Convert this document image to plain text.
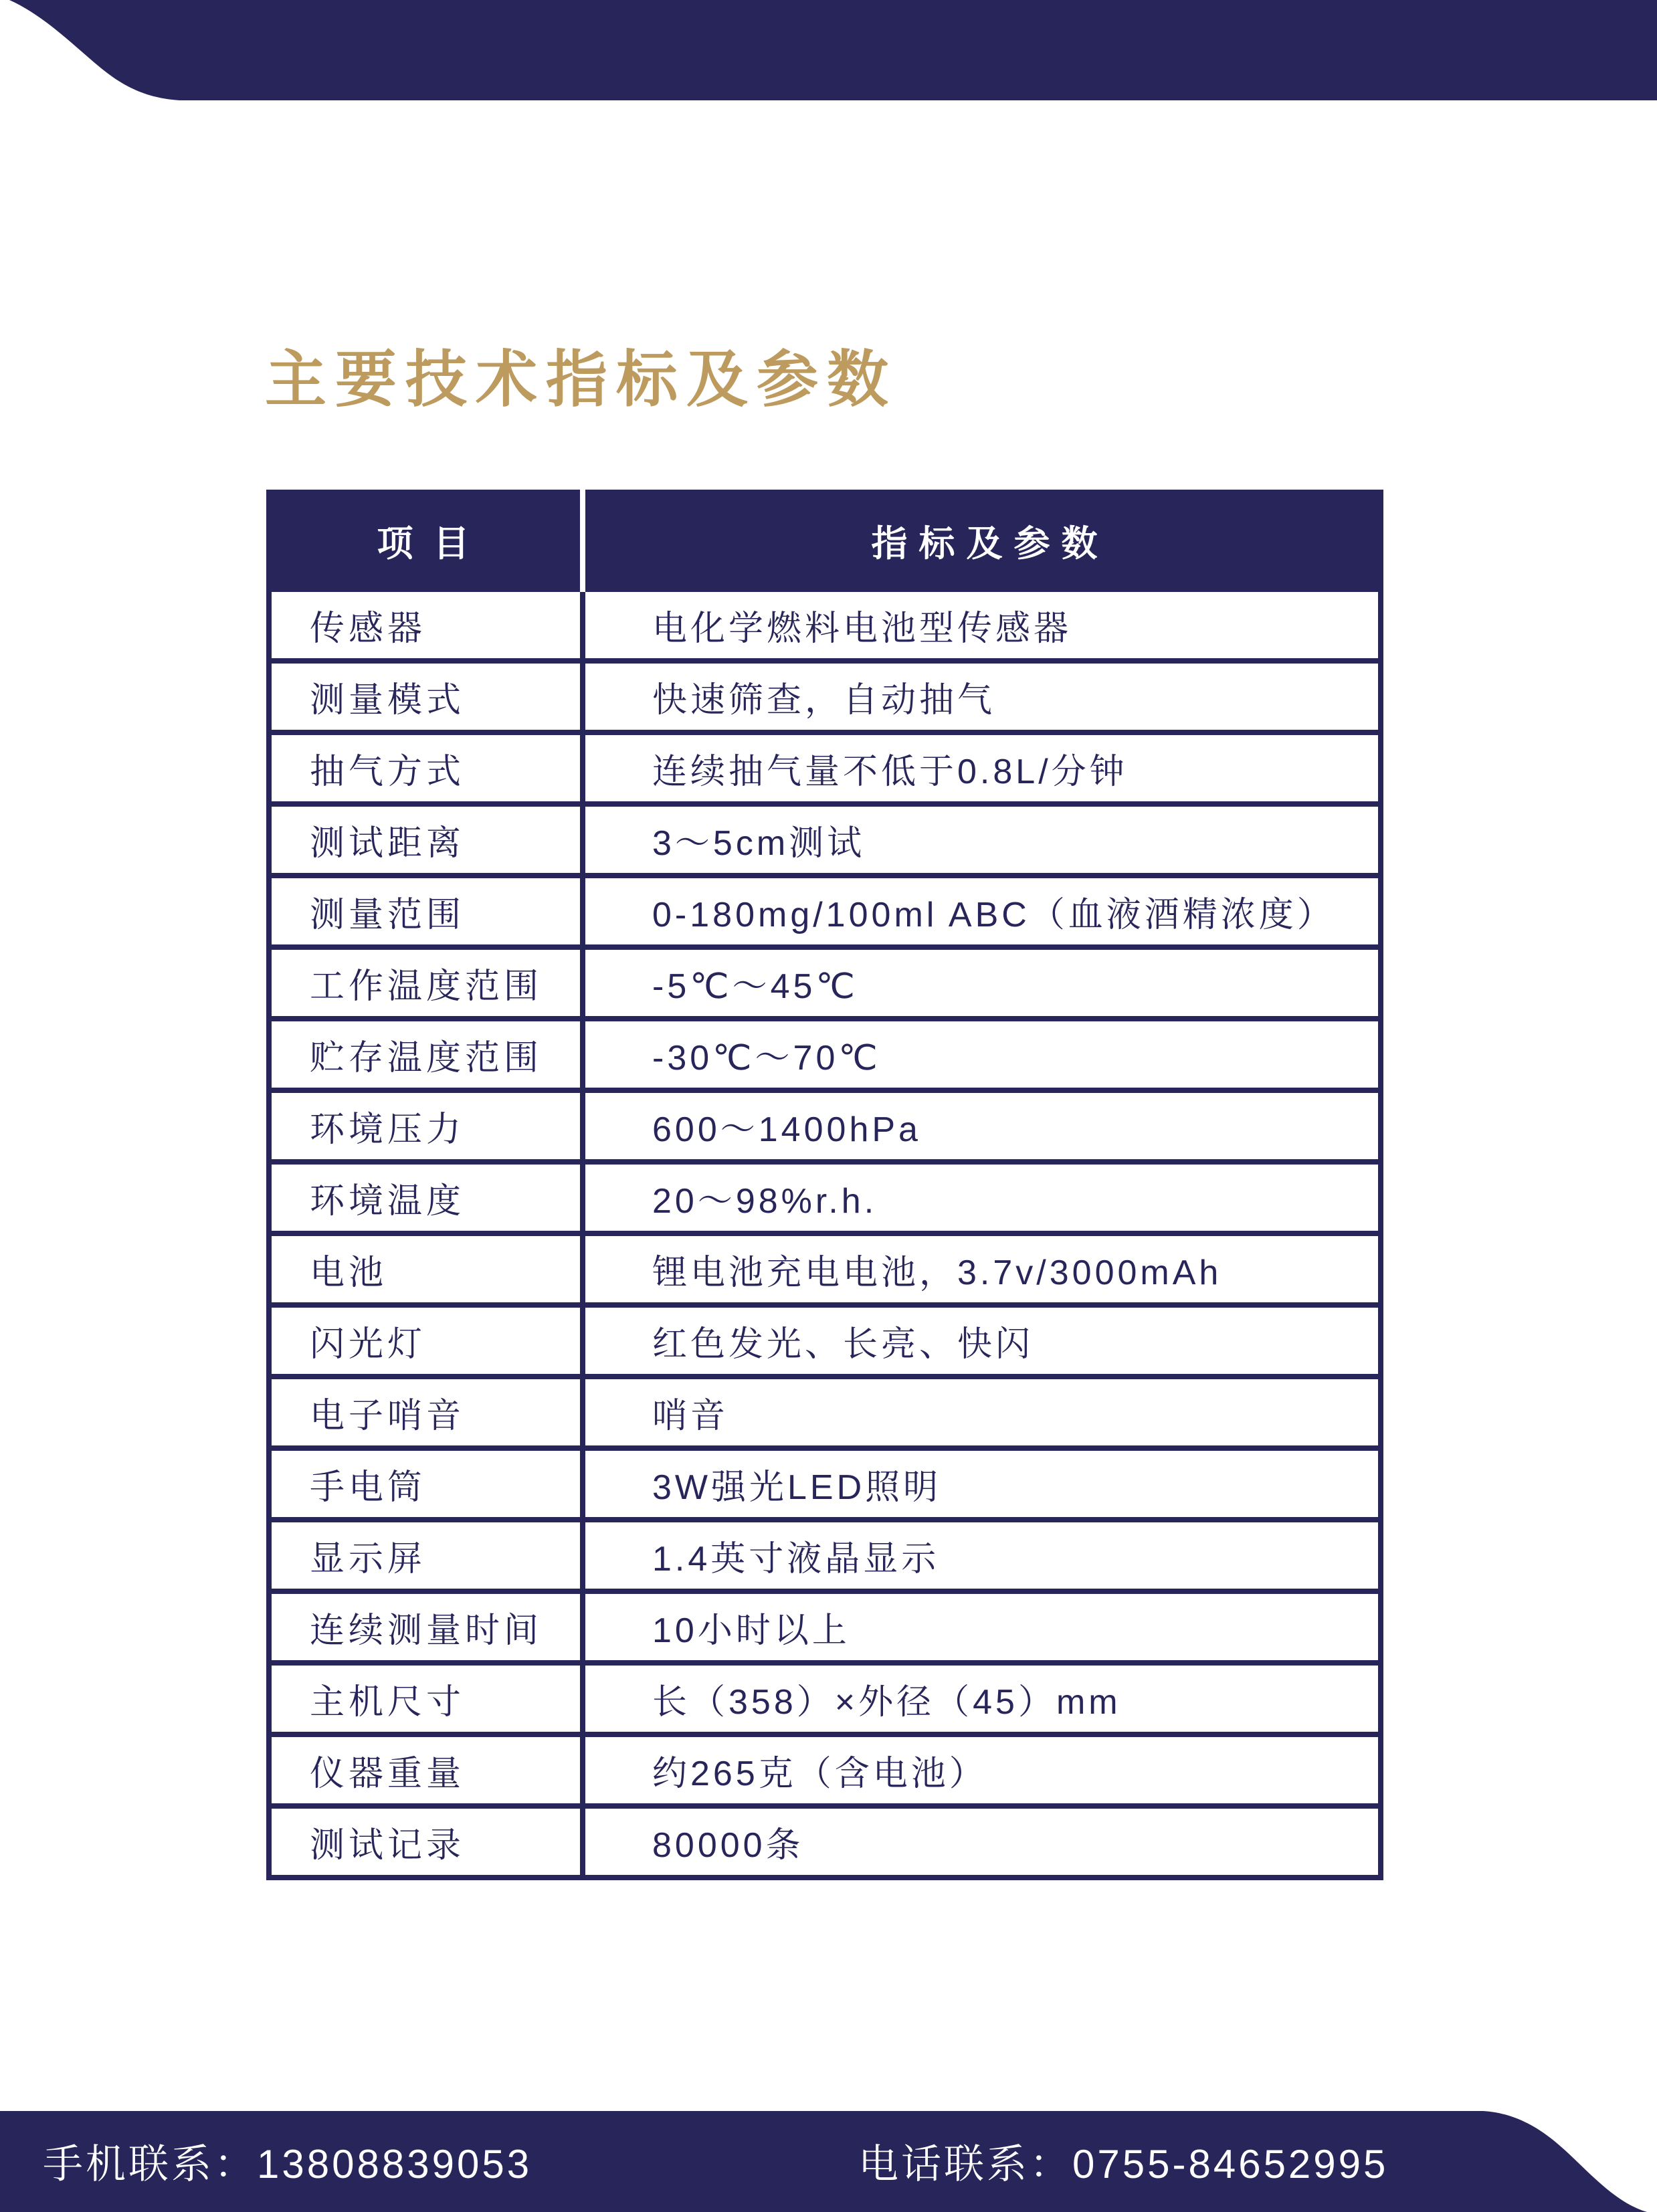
主要技术指标及参数
项目	指标及参数
传感器	电化学燃料电池型传感器
测量模式	快速筛查，自动抽气
抽气方式	连续抽气量不低于0.8L/分钟
测试距离	3～5cm测试
测量范围	0-180mg/100ml ABC（血液酒精浓度）
工作温度范围	-5℃～45℃
贮存温度范围	-30℃～70℃
环境压力	600～1400hPa
环境温度	20～98%r.h.
电池	锂电池充电电池，3.7v/3000mAh
闪光灯	红色发光、长亮、快闪
电子哨音	哨音
手电筒	3W强光LED照明
显示屏	1.4英寸液晶显示
连续测量时间	10小时以上
主机尺寸	长（358）×外径（45）mm
仪器重量	约265克（含电池）
测试记录	80000条
手机联系：13808839053	电话联系：0755-84652995
